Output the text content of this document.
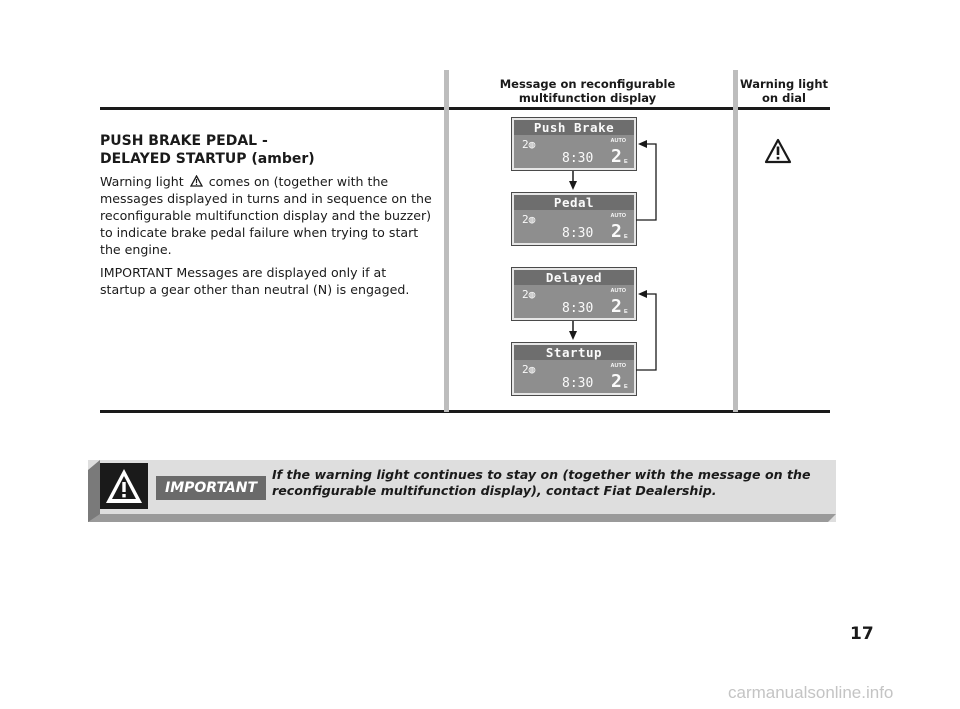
Message on reconfigurable multifunction display
Warning light on dial
PUSH BRAKE PEDAL -
DELAYED STARTUP (amber)
Warning light comes on (together with the messages displayed in turns and in sequence on the reconfigurable multifunction display and the buzzer) to indicate brake pedal failure when trying to start the engine.
IMPORTANT Messages are displayed only if at startup a gear other than neutral (N) is engaged.
Push Brake
2◍	AUTO
8:30 2 E
Pedal
2◍	AUTO
8:30 2 E
Delayed
2◍	AUTO
8:30 2 E
Startup
2◍	AUTO
8:30 2 E
IMPORTANT
If the warning light continues to stay on (together with the message on the reconfigurable multifunction display), contact Fiat Dealership.
17
carmanualsonline.info
